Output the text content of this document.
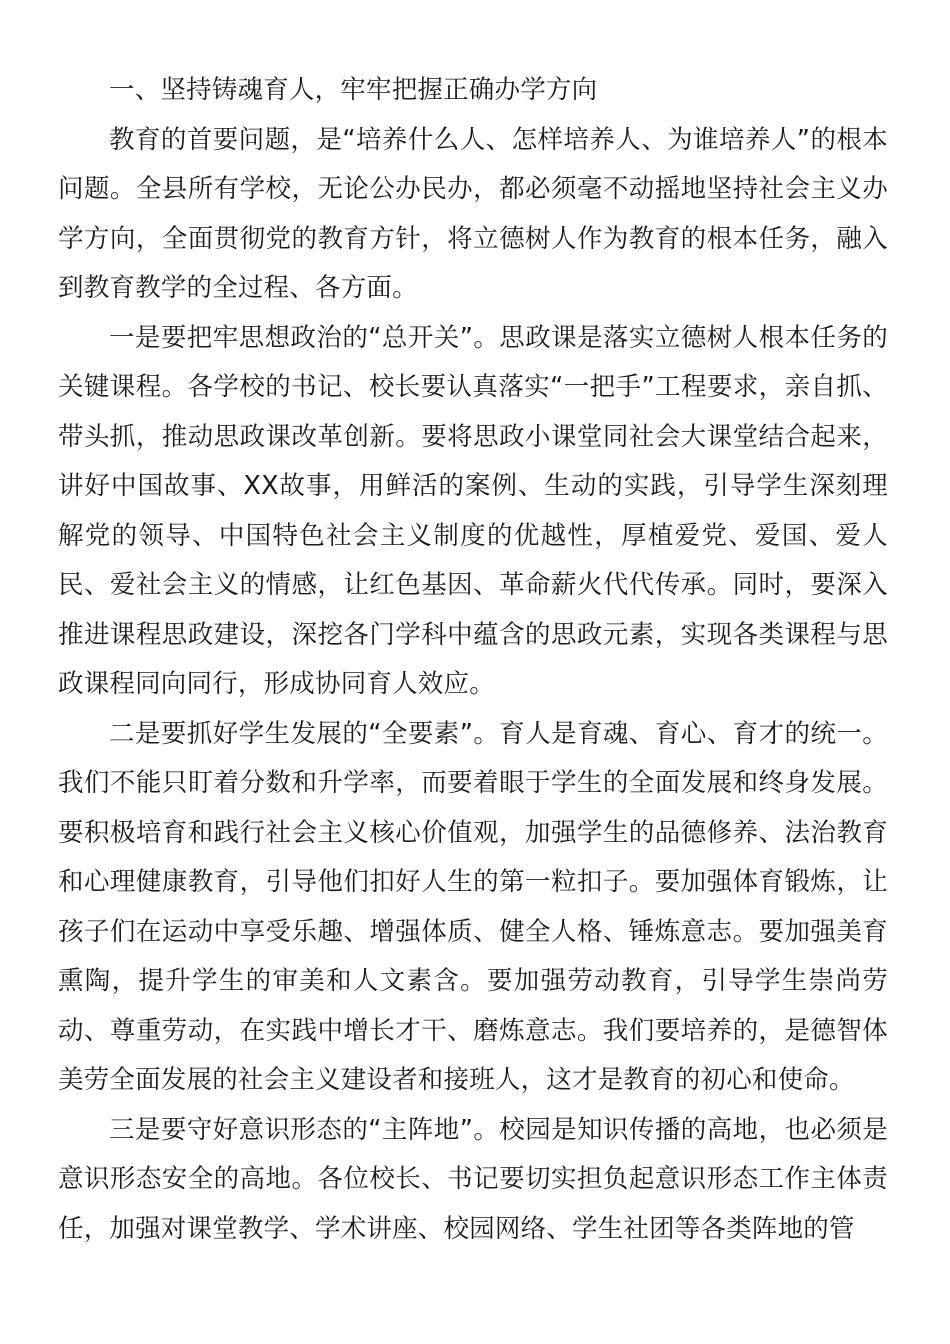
一、坚持铸魂育人，牢牢把握正确办学方向

教育的首要问题，是“培养什么人、怎样培养人、为谁培养人”的根本问题。全县所有学校，无论公办民办，都必须毫不动摇地坚持社会主义办学方向，全面贯彻党的教育方针，将立德树人作为教育的根本任务，融入到教育教学的全过程、各方面。

一是要把牢思想政治的“总开关”。思政课是落实立德树人根本任务的关键课程。各学校的书记、校长要认真落实“一把手”工程要求，亲自抓、带头抓，推动思政课改革创新。要将思政小课堂同社会大课堂结合起来，讲好中国故事、XX故事，用鲜活的案例、生动的实践，引导学生深刻理解党的领导、中国特色社会主义制度的优越性，厚植爱党、爱国、爱人民、爱社会主义的情感，让红色基因、革命薪火代代传承。同时，要深入推进课程思政建设，深挖各门学科中蕴含的思政元素，实现各类课程与思政课程同向同行，形成协同育人效应。

二是要抓好学生发展的“全要素”。育人是育魂、育心、育才的统一。我们不能只盯着分数和升学率，而要着眼于学生的全面发展和终身发展。要积极培育和践行社会主义核心价值观，加强学生的品德修养、法治教育和心理健康教育，引导他们扣好人生的第一粒扣子。要加强体育锻炼，让孩子们在运动中享受乐趣、增强体质、健全人格、锤炼意志。要加强美育熏陶，提升学生的审美和人文素含。要加强劳动教育，引导学生崇尚劳动、尊重劳动，在实践中增长才干、磨炼意志。我们要培养的，是德智体美劳全面发展的社会主义建设者和接班人，这才是教育的初心和使命。

三是要守好意识形态的“主阵地”。校园是知识传播的高地，也必须是意识形态安全的高地。各位校长、书记要切实担负起意识形态工作主体责任，加强对课堂教学、学术讲座、校园网络、学生社团等各类阵地的管
